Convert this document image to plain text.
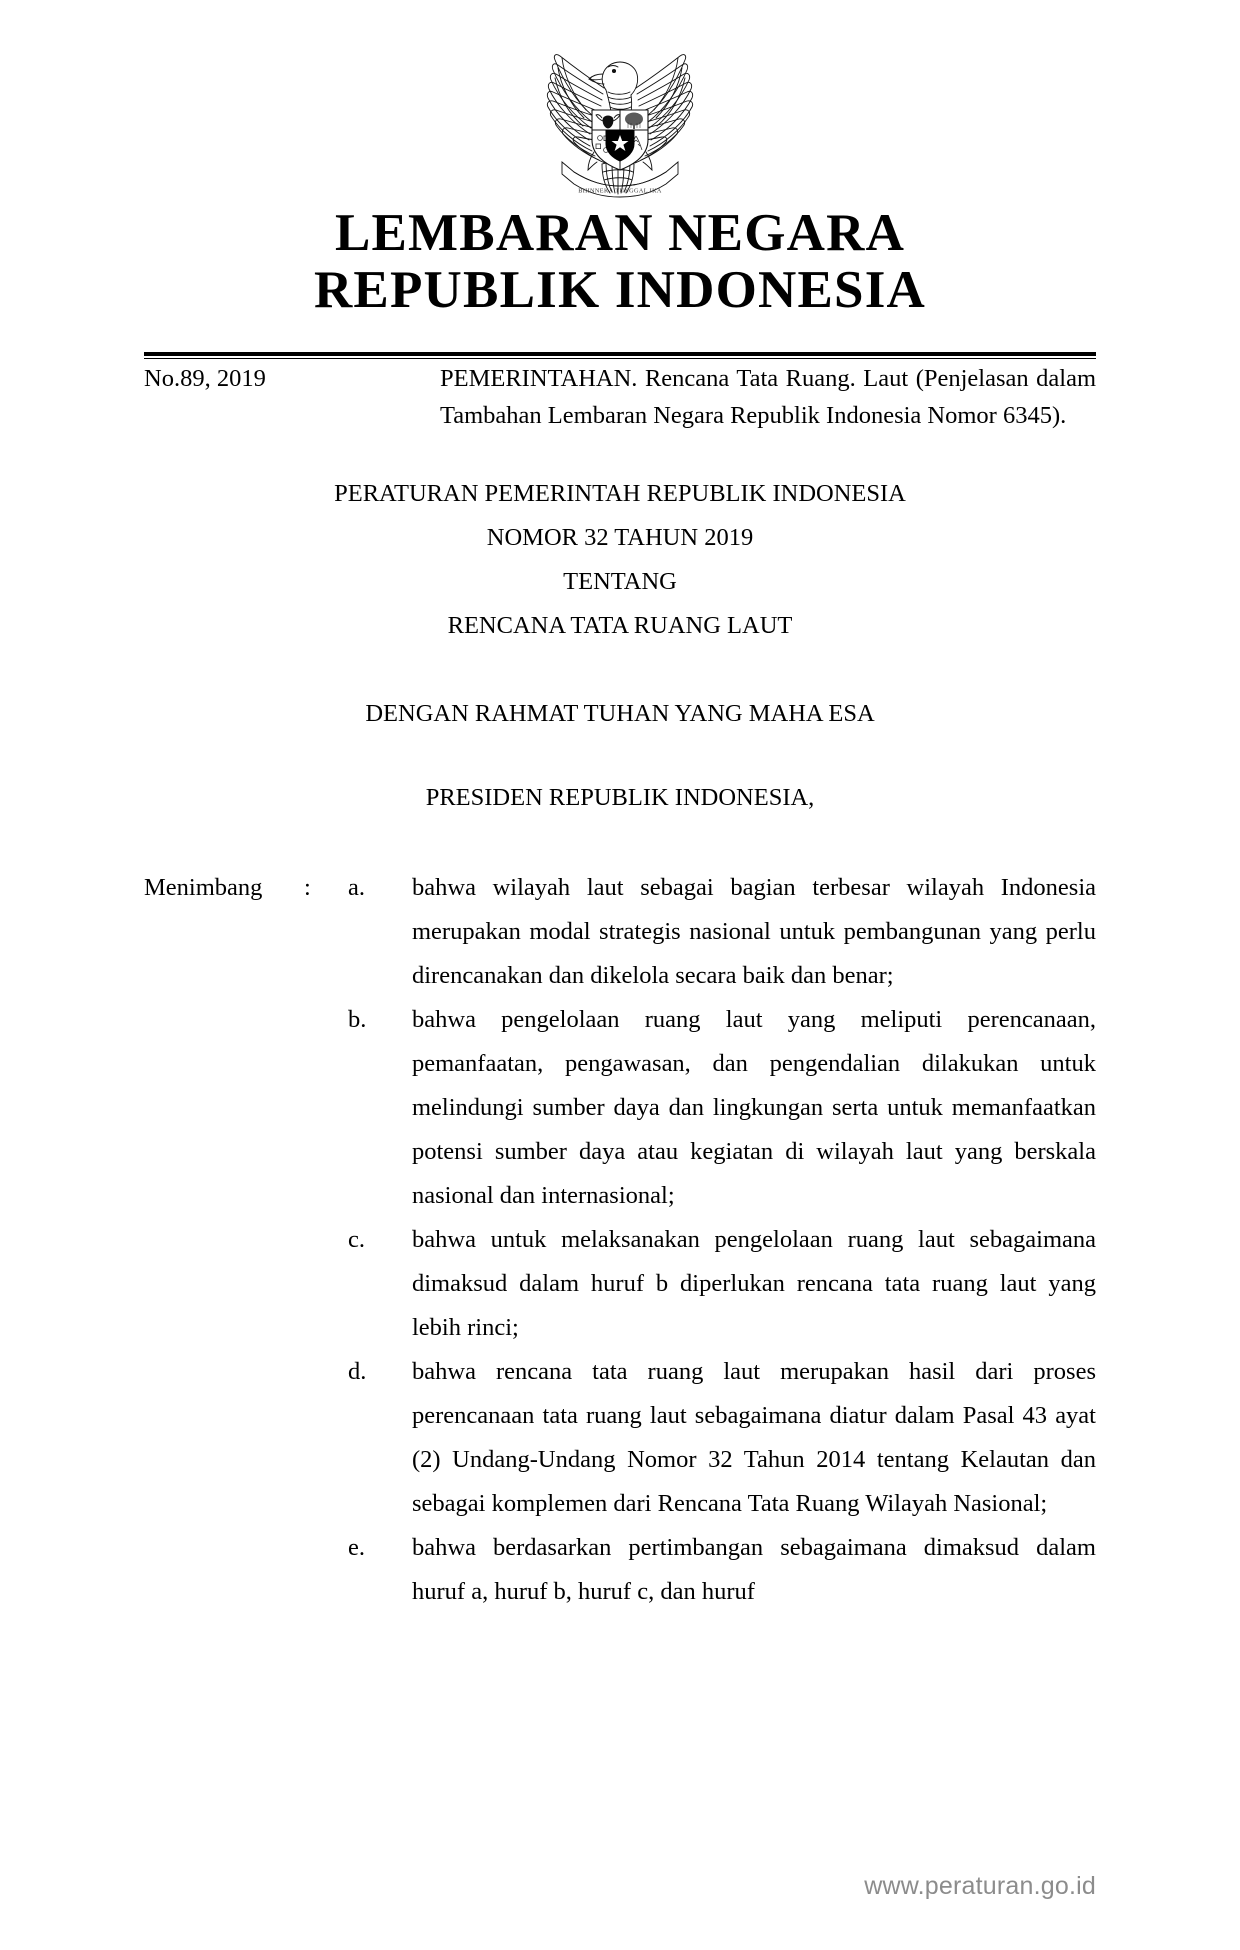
BHINNEKA TUNGGAL IKA
LEMBARAN NEGARA
REPUBLIK INDONESIA
No.89, 2019	PEMERINTAHAN. Rencana Tata Ruang. Laut (Penjelasan dalam Tambahan Lembaran Negara Republik Indonesia Nomor 6345).
PERATURAN PEMERINTAH REPUBLIK INDONESIA
NOMOR 32 TAHUN 2019
TENTANG
RENCANA TATA RUANG LAUT
DENGAN RAHMAT TUHAN YANG MAHA ESA
PRESIDEN REPUBLIK INDONESIA,
Menimbang	:	a.	bahwa wilayah laut sebagai bagian terbesar wilayah Indonesia merupakan modal strategis nasional untuk pembangunan yang perlu direncanakan dan dikelola secara baik dan benar;
b.	bahwa pengelolaan ruang laut yang meliputi perencanaan, pemanfaatan, pengawasan, dan pengendalian dilakukan untuk melindungi sumber daya dan lingkungan serta untuk memanfaatkan potensi sumber daya atau kegiatan di wilayah laut yang berskala nasional dan internasional;
c.	bahwa untuk melaksanakan pengelolaan ruang laut sebagaimana dimaksud dalam huruf b diperlukan rencana tata ruang laut yang lebih rinci;
d.	bahwa rencana tata ruang laut merupakan hasil dari proses perencanaan tata ruang laut sebagaimana diatur dalam Pasal 43 ayat (2) Undang-Undang Nomor 32 Tahun 2014 tentang Kelautan dan sebagai komplemen dari Rencana Tata Ruang Wilayah Nasional;
e.	bahwa berdasarkan pertimbangan sebagaimana dimaksud dalam huruf a, huruf b, huruf c, dan huruf
www.peraturan.go.id
